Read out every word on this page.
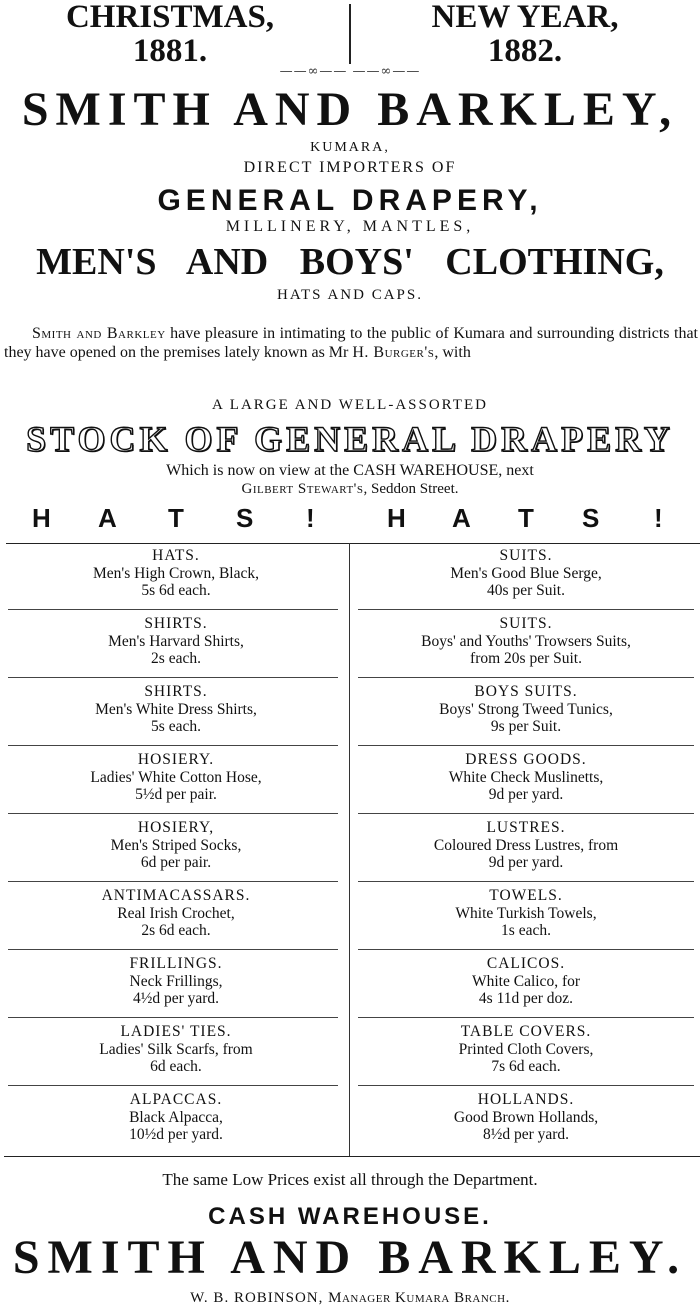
CHRISTMAS,
1881.
NEW YEAR,
1882.
——∞—— ——∞——
SMITH AND BARKLEY,
KUMARA,
DIRECT IMPORTERS OF
GENERAL DRAPERY,
MILLINERY, MANTLES,
MEN'S AND BOYS' CLOTHING,
HATS AND CAPS.
Smith and Barkley have pleasure in intimating to the public of Kumara and surrounding districts that they have opened on the premises lately known as Mr H. Burger's, with
A LARGE AND WELL-ASSORTED
STOCK OF GENERAL DRAPERY
Which is now on view at the CASH WAREHOUSE, next
Gilbert Stewart's, Seddon Street.
H A T S !	H A T S !
HATS.
Men's High Crown, Black,
5s 6d each.
SHIRTS.
Men's Harvard Shirts,
2s each.
SHIRTS.
Men's White Dress Shirts,
5s each.
HOSIERY.
Ladies' White Cotton Hose,
5½d per pair.
HOSIERY,
Men's Striped Socks,
6d per pair.
ANTIMACASSARS.
Real Irish Crochet,
2s 6d each.
FRILLINGS.
Neck Frillings,
4½d per yard.
LADIES' TIES.
Ladies' Silk Scarfs, from
6d each.
ALPACCAS.
Black Alpacca,
10½d per yard.
SUITS.
Men's Good Blue Serge,
40s per Suit.
SUITS.
Boys' and Youths' Trowsers Suits,
from 20s per Suit.
BOYS SUITS.
Boys' Strong Tweed Tunics,
9s per Suit.
DRESS GOODS.
White Check Muslinetts,
9d per yard.
LUSTRES.
Coloured Dress Lustres, from
9d per yard.
TOWELS.
White Turkish Towels,
1s each.
CALICOS.
White Calico, for
4s 11d per doz.
TABLE COVERS.
Printed Cloth Covers,
7s 6d each.
HOLLANDS.
Good Brown Hollands,
8½d per yard.
The same Low Prices exist all through the Department.
CASH WAREHOUSE.
SMITH AND BARKLEY.
W. B. ROBINSON, Manager Kumara Branch.
